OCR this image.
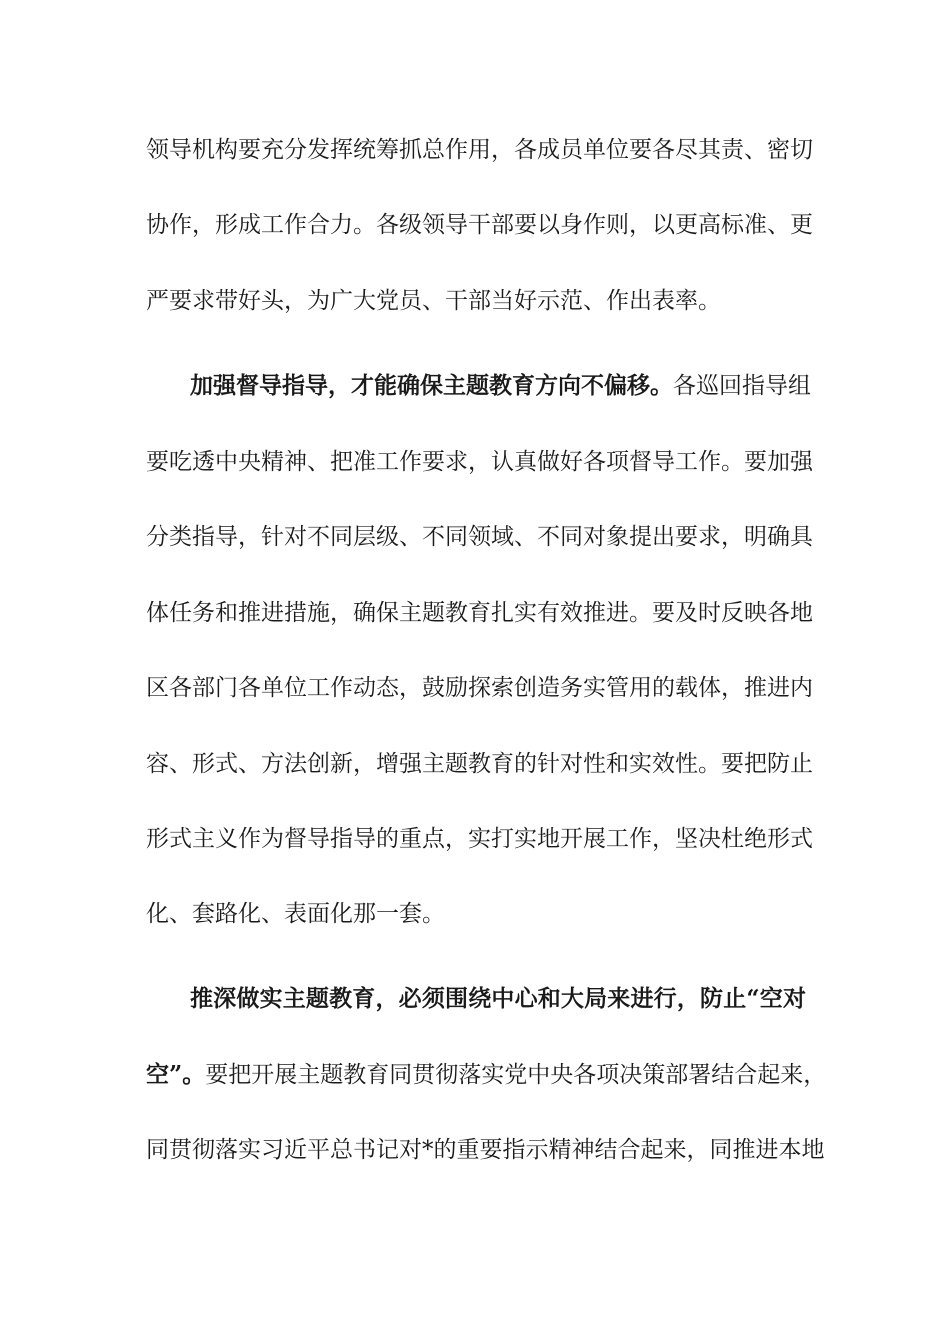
领导机构要充分发挥统筹抓总作用，各成员单位要各尽其责、密切
协作，形成工作合力。各级领导干部要以身作则，以更高标准、更
严要求带好头，为广大党员、干部当好示范、作出表率。
加强督导指导，才能确保主题教育方向不偏移。各巡回指导组
要吃透中央精神、把准工作要求，认真做好各项督导工作。要加强
分类指导，针对不同层级、不同领域、不同对象提出要求，明确具
体任务和推进措施，确保主题教育扎实有效推进。要及时反映各地
区各部门各单位工作动态，鼓励探索创造务实管用的载体，推进内
容、形式、方法创新，增强主题教育的针对性和实效性。要把防止
形式主义作为督导指导的重点，实打实地开展工作，坚决杜绝形式
化、套路化、表面化那一套。
推深做实主题教育，必须围绕中心和大局来进行，防止“空对
空”。要把开展主题教育同贯彻落实党中央各项决策部署结合起来，
同贯彻落实习近平总书记对*的重要指示精神结合起来，同推进本地
